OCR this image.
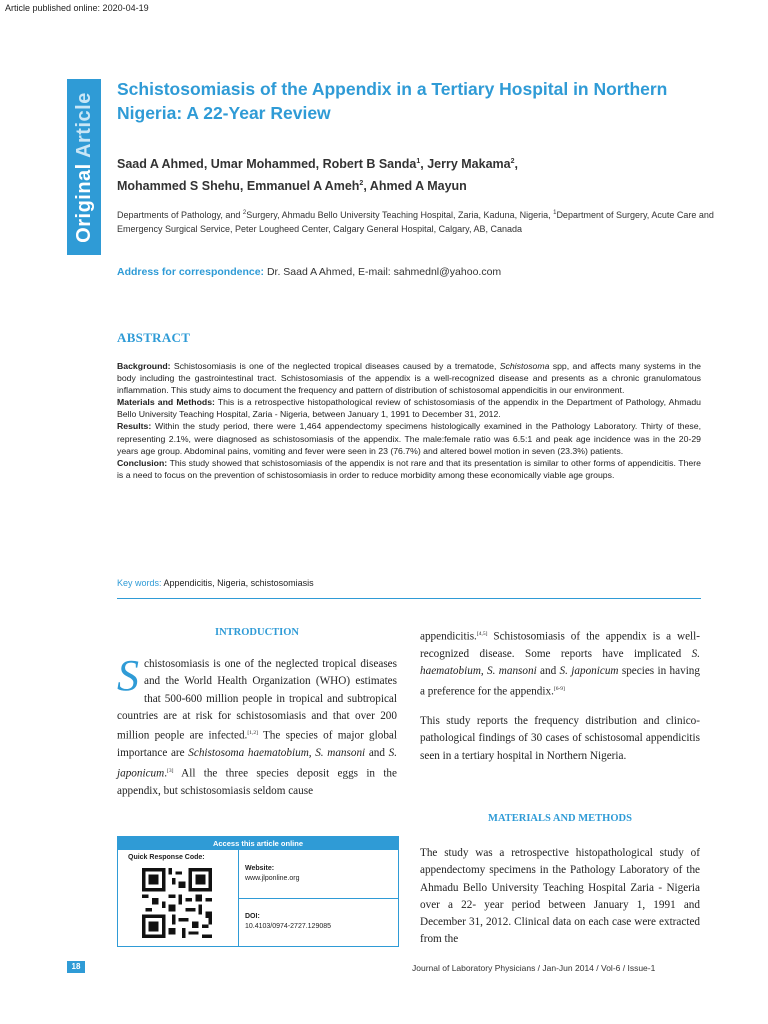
Article published online: 2020-04-19
Original Article
Schistosomiasis of the Appendix in a Tertiary Hospital in Northern Nigeria: A 22-Year Review
Saad A Ahmed, Umar Mohammed, Robert B Sanda$^1$, Jerry Makama$^2$,
Mohammed S Shehu, Emmanuel A Ameh$^2$, Ahmed A Mayun
Departments of Pathology, and $^2$Surgery, Ahmadu Bello University Teaching Hospital, Zaria, Kaduna, Nigeria, $^1$Department of Surgery, Acute Care and Emergency Surgical Service, Peter Lougheed Center, Calgary General Hospital, Calgary, AB, Canada
Address for correspondence: Dr. Saad A Ahmed, E-mail: sahmednl@yahoo.com
ABSTRACT

Background: Schistosomiasis is one of the neglected tropical diseases caused by a trematode, Schistosoma spp, and affects many systems in the body including the gastrointestinal tract. Schistosomiasis of the appendix is a well-recognized disease and presents as a chronic granulomatous inflammation. This study aims to document the frequency and pattern of distribution of schistosomal appendicitis in our environment.

Materials and Methods: This is a retrospective histopathological review of schistosomiasis of the appendix in the Department of Pathology, Ahmadu Bello University Teaching Hospital, Zaria - Nigeria, between January 1, 1991 to December 31, 2012.

Results: Within the study period, there were 1,464 appendectomy specimens histologically examined in the Pathology Laboratory. Thirty of these, representing 2.1%, were diagnosed as schistosomiasis of the appendix. The male:female ratio was 6.5:1 and peak age incidence was in the 20-29 years age group. Abdominal pains, vomiting and fever were seen in 23 (76.7%) and altered bowel motion in seven (23.3%) patients.

Conclusion: This study showed that schistosomiasis of the appendix is not rare and that its presentation is similar to other forms of appendicitis. There is a need to focus on the prevention of schistosomiasis in order to reduce morbidity among these economically viable age groups.

Key words: Appendicitis, Nigeria, schistosomiasis
INTRODUCTION
Schistosomiasis is one of the neglected tropical diseases and the World Health Organization (WHO) estimates that 500-600 million people in tropical and subtropical countries are at risk for schistosomiasis and that over 200 million people are infected.[1,2] The species of major global importance are Schistosoma haematobium, S. mansoni and S. japonicum.[3] All the three species deposit eggs in the appendix, but schistosomiasis seldom cause
Access this article online
Quick Response Code:
Website:
www.jlponline.org
DOI:
10.4103/0974-2727.129085
appendicitis.[4,5] Schistosomiasis of the appendix is a well-recognized disease. Some reports have implicated S. haematobium, S. mansoni and S. japonicum species in having a preference for the appendix.[6-9]
This study reports the frequency distribution and clinico-pathological findings of 30 cases of schistosomal appendicitis seen in a tertiary hospital in Northern Nigeria.
MATERIALS AND METHODS
The study was a retrospective histopathological study of appendectomy specimens in the Pathology Laboratory of the Ahmadu Bello University Teaching Hospital Zaria - Nigeria over a 22- year period between January 1, 1991 and December 31, 2012. Clinical data on each case were extracted from the
18	Journal of Laboratory Physicians / Jan-Jun 2014 / Vol-6 / Issue-1
